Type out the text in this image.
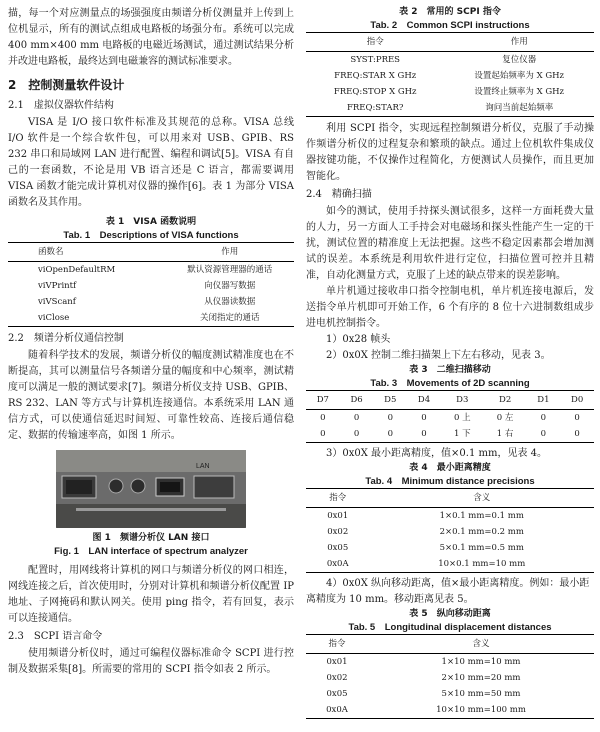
描，每一个对应测量点的场强强度由频谱分析仪测量并上传到上位机显示，所有的测试点组成电路板的场强分布。系统可以完成 400 mm×400 mm 电路板的电磁近场测试，通过测试结果分析并改进电路板，最终达到电磁兼容的测试标准要求。

2　控制测量软件设计
2.1　虚拟仪器软件结构

VISA 是 I/O 接口软件标准及其规范的总称。VISA 总线 I/O 软件是一个综合软件包，可以用来对 USB、GPIB、RS 232 串口和局域网 LAN 进行配置、编程和调试[5]。VISA 有自己的一套函数，不论是用 VB 语言还是 C 语言，都需要调用 VISA 函数才能完成计算机对仪器的操作[6]。表 1 为部分 VISA 函数名及其作用。

表 1　VISA 函数说明
Tab. 1　Descriptions of VISA functions
函数名	作用
viOpenDefaultRM	默认资源管理器的通话
viVPrintf	向仪器写数据
viVScanf	从仪器读数据
viClose	关闭指定的通话
2.2　频谱分析仪通信控制

随着科学技术的发展，频谱分析仪的幅度测试精准度也在不断提高，其可以测量信号各频谱分量的幅度和中心频率，测试精度可以满足一般的测试要求[7]。频谱分析仪支持 USB、GPIB、RS 232、LAN 等方式与计算机连接通信。本系统采用 LAN 通信方式，可以使通信延迟时间短、可靠性较高、连接后通信稳定、数据的传输速率高，如图 1 所示。

LAN
图 1　频谱分析仪 LAN 接口
Fig. 1　LAN interface of spectrum analyzer

配置时，用网线将计算机的网口与频谱分析仪的网口相连，网线连接之后，首次使用时，分别对计算机和频谱分析仪配置 IP 地址、子网掩码和默认网关。使用 ping 指令，若有回复，表示可以连接通信。

2.3　SCPI 语言命令

使用频谱分析仪时，通过可编程仪器标准命令 SCPI 进行控制及数据采集[8]。所需要的常用的 SCPI 指令如表 2 所示。

表 2　常用的 SCPI 指令
Tab. 2　Common SCPI instructions
指令	作用
SYST:PRES	复位仪器
FREQ:STAR X GHz	设置起始频率为 X GHz
FREQ:STOP X GHz	设置终止频率为 X GHz
FREQ:STAR?	询问当前起始频率

利用 SCPI 指令，实现远程控制频谱分析仪，克服了手动操作频谱分析仪的过程复杂和繁琐的缺点。通过上位机软件集成仪器按键功能，不仅操作过程简化，方便测试人员操作，而且更加智能化。

2.4　精确扫描

如今的测试，使用手持探头测试很多，这样一方面耗费大量的人力，另一方面人工手持会对电磁场和探头性能产生一定的干扰，测试位置的精准度上无法把握。这些不稳定因素都会增加测试的误差。本系统是利用软件进行定位，扫描位置可控并且精准，自动化测量方式，克服了上述的缺点带来的误差影响。

单片机通过接收串口指令控制电机，单片机连接电源后，发送指令单片机即可开始工作，6 个有序的 8 位十六进制数组成步进电机控制指令。

1）0x28 帧头
2）0x0X 控制二维扫描架上下左右移动，见表 3。
表 3　二维扫描移动
Tab. 3　Movements of 2D scanning
D7	D6	D5	D4	D3	D2	D1	D0
0	0	0	0	0 上	0 左	0	0
0	0	0	0	1 下	1 右	0	0
3）0x0X 最小距离精度，值×0.1 mm，见表 4。
表 4　最小距离精度
Tab. 4　Minimum distance precisions
指令	含义
0x01	1×0.1 mm=0.1 mm
0x02	2×0.1 mm=0.2 mm
0x05	5×0.1 mm=0.5 mm
0x0A	10×0.1 mm=10 mm
4）0x0X 纵向移动距离，值×最小距离精度。例如：最小距离精度为 10 mm。移动距离见表 5。
表 5　纵向移动距离
Tab. 5　Longitudinal displacement distances
指令	含义
0x01	1×10 mm=10 mm
0x02	2×10 mm=20 mm
0x05	5×10 mm=50 mm
0x0A	10×10 mm=100 mm
